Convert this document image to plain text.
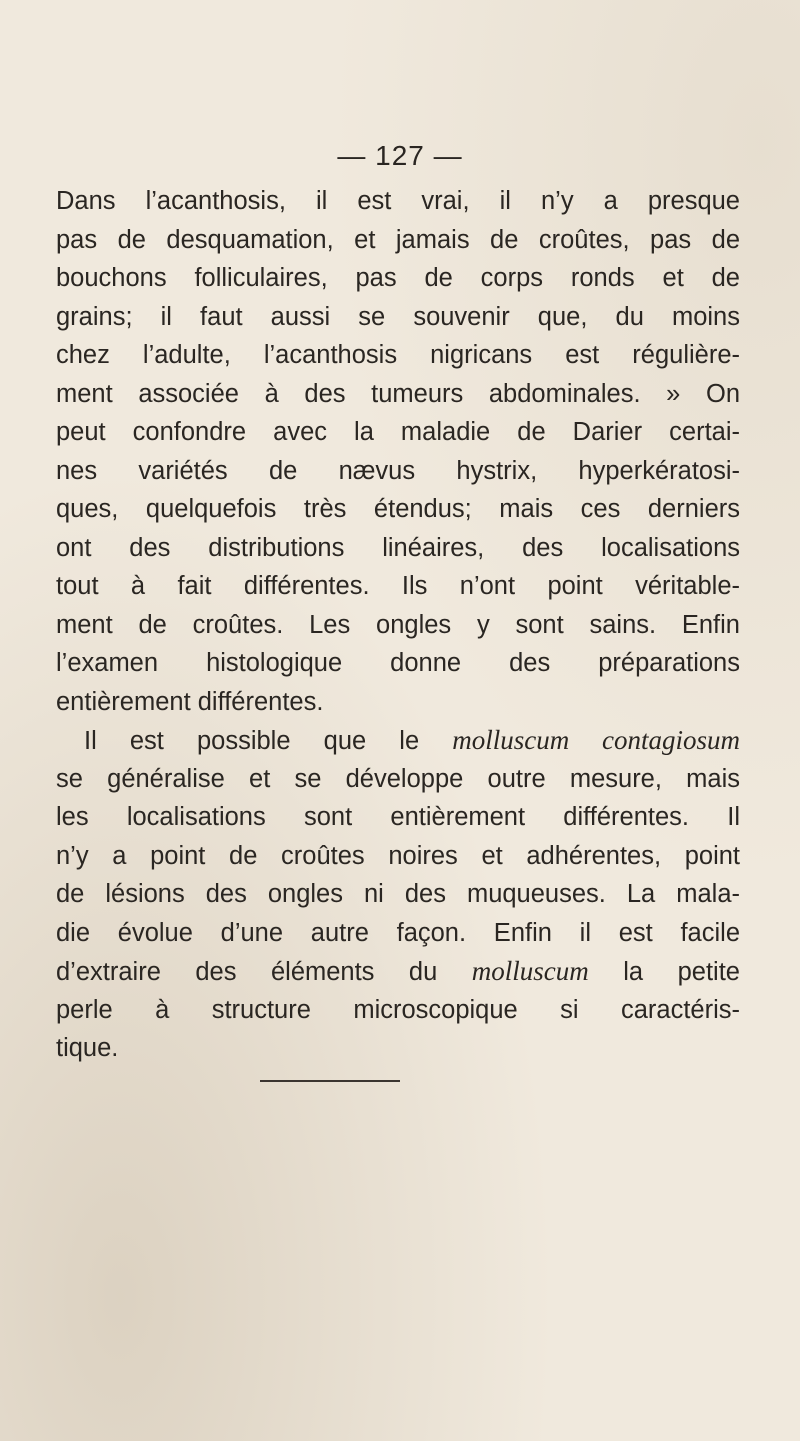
— 127 —
Dans l’acanthosis, il est vrai, il n’y a presque
pas de desquamation, et jamais de croûtes, pas de
bouchons folliculaires, pas de corps ronds et de
grains; il faut aussi se souvenir que, du moins
chez l’adulte, l’acanthosis nigricans est régulière-
ment associée à des tumeurs abdominales. » On
peut confondre avec la maladie de Darier certai-
nes variétés de nævus hystrix, hyperkératosi-
ques, quelquefois très étendus; mais ces derniers
ont des distributions linéaires, des localisations
tout à fait différentes. Ils n’ont point véritable-
ment de croûtes. Les ongles y sont sains. Enfin
l’examen histologique donne des préparations
entièrement différentes.
Il est possible que le molluscum contagiosum
se généralise et se développe outre mesure, mais
les localisations sont entièrement différentes. Il
n’y a point de croûtes noires et adhérentes, point
de lésions des ongles ni des muqueuses. La mala-
die évolue d’une autre façon. Enfin il est facile
d’extraire des éléments du molluscum la petite
perle à structure microscopique si caractéris-
tique.
